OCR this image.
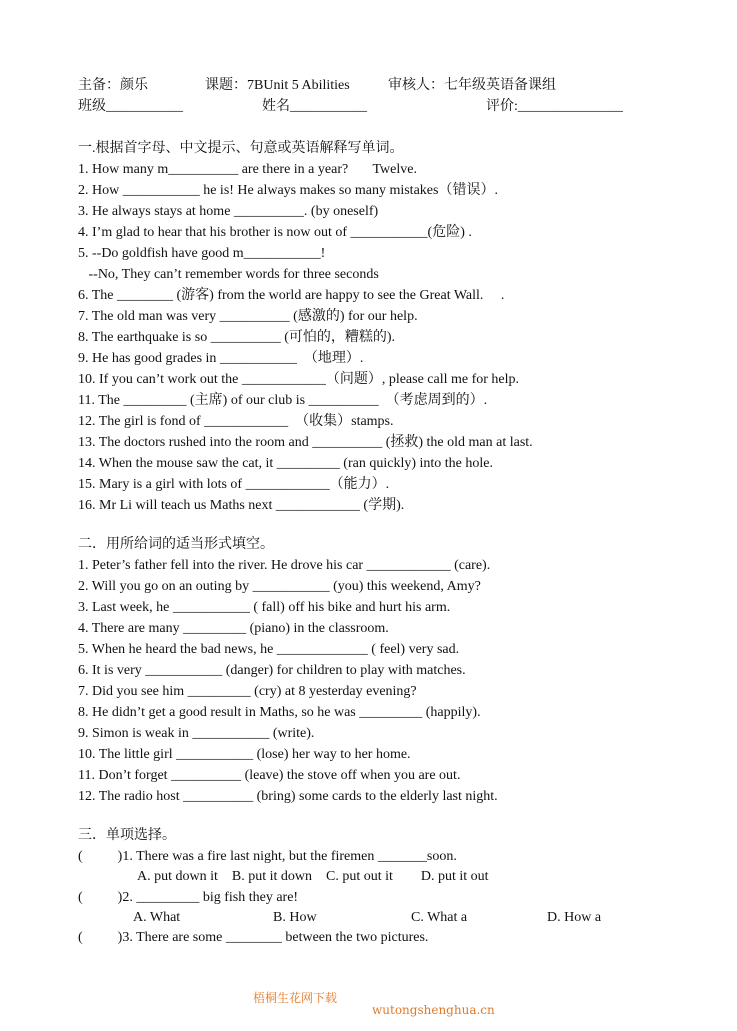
主备：颜乐	课题：7BUnit 5 Abilities	审核人：七年级英语备课组
班级___________	姓名___________	评价:_______________
一.根据首字母、中文提示、句意或英语解释写单词。
1. How many m__________ are there in a year?       Twelve.
2. How ___________ he is! He always makes so many mistakes（错误）.
3. He always stays at home __________. (by oneself)
4. I’m glad to hear that his brother is now out of ___________(危险) .
5. --Do goldfish have good m___________!
--No, They can’t remember words for three seconds
6. The ________ (游客) from the world are happy to see the Great Wall.     .
7. The old man was very __________ (感激的) for our help.
8. The earthquake is so __________ (可怕的，糟糕的).
9. He has good grades in ___________  （地理）.
10. If you can’t work out the ____________（问题）, please call me for help.
11. The _________ (主席) of our club is __________  （考虑周到的）.
12. The girl is fond of ____________  （收集）stamps.
13. The doctors rushed into the room and __________ (拯救) the old man at last.
14. When the mouse saw the cat, it _________ (ran quickly) into the hole.
15. Mary is a girl with lots of ____________（能力）.
16. Mr Li will teach us Maths next ____________ (学期).
二．用所给词的适当形式填空。
1. Peter’s father fell into the river. He drove his car ____________ (care).
2. Will you go on an outing by ___________ (you) this weekend, Amy?
3. Last week, he ___________ ( fall) off his bike and hurt his arm.
4. There are many _________ (piano) in the classroom.
5. When he heard the bad news, he _____________ ( feel) very sad.
6. It is very ___________ (danger) for children to play with matches.
7. Did you see him _________ (cry) at 8 yesterday evening?
8. He didn’t get a good result in Maths, so he was _________ (happily).
9. Simon is weak in ___________ (write).
10. The little girl ___________ (lose) her way to her home.
11. Don’t forget __________ (leave) the stove off when you are out.
12. The radio host __________ (bring) some cards to the elderly last night.
三．单项选择。
(          )1. There was a fire last night, but the firemen _______soon.
A. put down it    B. put it down    C. put out it        D. put it out
(          )2. _________ big fish they are!
A. What	B. How	C. What a	D. How a
(          )3. There are some ________ between the two pictures.

梧桐生花网下载

wutongshenghua.cn
